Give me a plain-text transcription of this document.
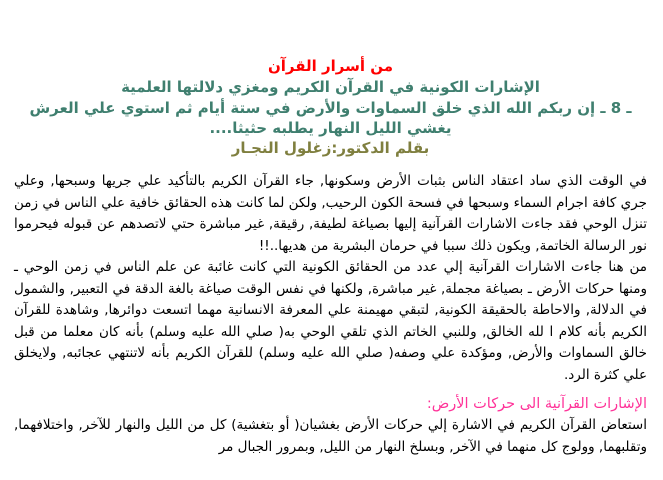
من أسرار القرآن
الإشارات الكونية في القرآن الكريم ومغزي دلالتها العلمية
ـ 8 ـ إن ربكم الله الذي خلق السماوات والأرض في ستة أيام ثم استوي علي العرش يغشي الليل النهار يطلبه حثيثا....
بقلم الدكتور:زغلول النجـار

في الوقت الذي ساد اعتقاد الناس بثبات الأرض وسكونها, جاء القرآن الكريم بالتأكيد علي جريها وسبحها, وعلي جري كافة اجرام السماء وسبحها في فسحة الكون الرحيب, ولكن لما كانت هذه الحقائق خافية علي الناس في زمن تنزل الوحي فقد جاءت الاشارات القرآنية إليها بصياغة لطيفة, رقيقة, غير مباشرة حتي لاتصدهم عن قبوله فيحرموا نور الرسالة الخاتمة, ويكون ذلك سببا في حرمان البشرية من هديها..!!

من هنا جاءت الاشارات القرآنية إلي عدد من الحقائق الكونية التي كانت غائبة عن علم الناس في زمن الوحي ـ ومنها حركات الأرض ـ بصياغة مجملة, غير مباشرة, ولكنها في نفس الوقت صياغة بالغة الدقة في التعبير, والشمول في الدلالة, والاحاطة بالحقيقة الكونية, لتبقي مهيمنة علي المعرفة الانسانية مهما اتسعت دوائرها, وشاهدة للقرآن الكريم بأنه كلام ا لله الخالق, وللنبي الخاتم الذي تلقي الوحي به( صلي الله عليه وسلم) بأنه كان معلما من قبل خالق السماوات والأرض, ومؤكدة علي وصفه( صلي الله عليه وسلم) للقرآن الكريم بأنه لاتنتهي عجائبه, ولايخلق علي كثرة الرد.

الإشارات القرآنية الى حركات الأرض:

استعاض القرآن الكريم في الاشارة إلي حركات الأرض بغشيان( أو بتغشية) كل من الليل والنهار للآخر, واختلافهما, وتقلبهما, وولوج كل منهما في الآخر, وبسلخ النهار من الليل, وبمرور الجبال مر
